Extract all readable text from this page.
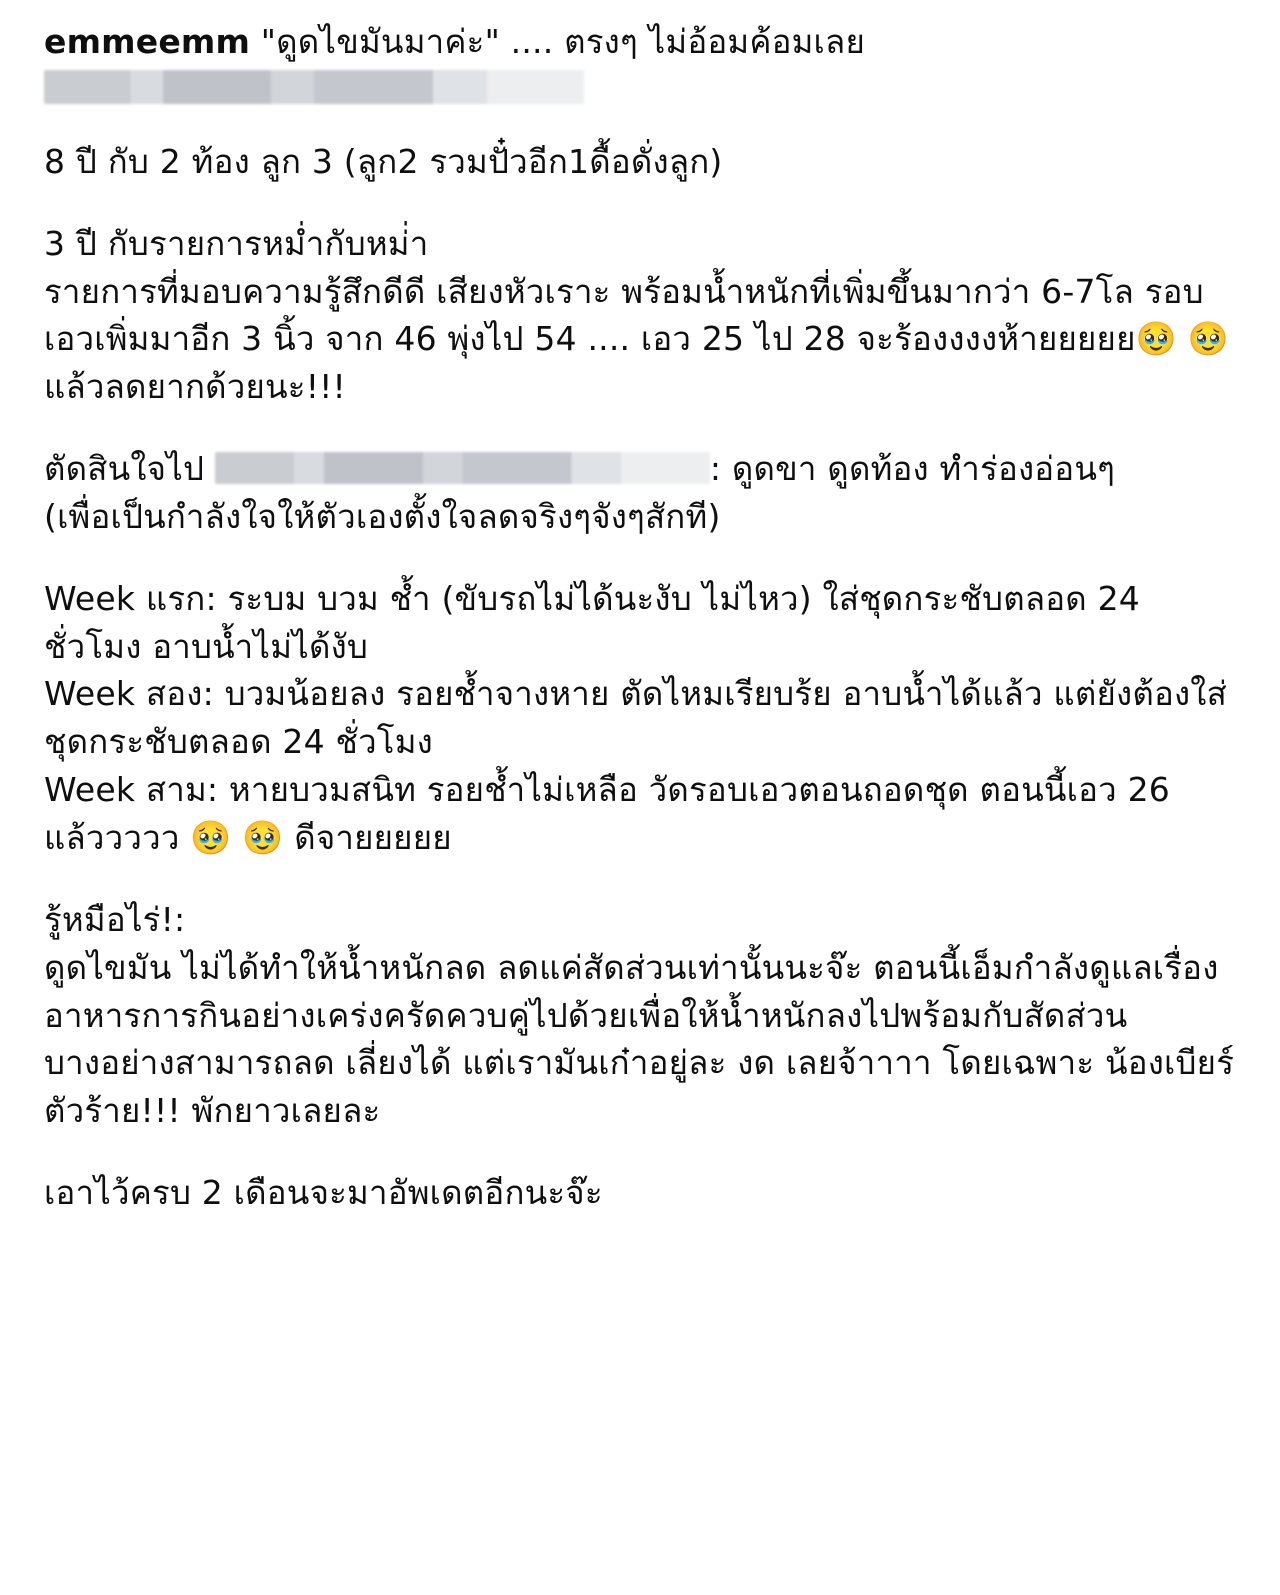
emmeemm "ดูดไขมันมาค่ะ" .... ตรงๆ ไม่อ้อมค้อมเลย
8 ปี กับ 2 ท้อง ลูก 3 (ลูก2 รวมปั๋วอีก1ดื้อดั่งลูก)
3 ปี กับรายการหม่ำกับหม่่า
รายการที่มอบความรู้สึกดีดี เสียงหัวเราะ พร้อมน้ำหนักที่เพิ่มขึ้นมากว่า 6-7โล รอบเอวเพิ่มมาอีก 3 นิ้ว จาก 46 พุ่งไป 54 .... เอว 25 ไป 28 จะร้องงงงห้ายยยยย🥹 🥹 แล้วลดยากด้วยนะ!!!
ตัดสินใจไป	: ดูดขา ดูดท้อง ทำร่องอ่อนๆ
(เพื่อเป็นกำลังใจให้ตัวเองตั้งใจลดจริงๆจังๆสักที)
Week แรก: ระบม บวม ช้ำ (ขับรถไม่ได้นะงับ ไม่ไหว) ใส่ชุดกระชับตลอด 24 ชั่วโมง อาบน้ำไม่ได้งับ
Week สอง: บวมน้อยลง รอยช้ำจางหาย ตัดไหมเรียบร้ย อาบน้ำได้แล้ว แต่ยังต้องใส่ชุดกระชับตลอด 24 ชั่วโมง
Week สาม: หายบวมสนิท รอยช้ำไม่เหลือ วัดรอบเอวตอนถอดชุด ตอนนี้เอว 26 แล้ววววว 🥹 🥹 ดีจายยยยย
รู้หมือไร่!:
ดูดไขมัน ไม่ได้ทำให้น้ำหนักลด ลดแค่สัดส่วนเท่านั้นนะจ๊ะ ตอนนี้เอ็มกำลังดูแลเรื่องอาหารการกินอย่างเคร่งครัดควบคู่ไปด้วยเพื่อให้น้ำหนักลงไปพร้อมกับสัดส่วน
บางอย่างสามารถลด เลี่ยงได้ แต่เรามันเก๋าอยู่ละ งด เลยจ้าาาา โดยเฉพาะ น้องเบียร์ ตัวร้าย!!! พักยาวเลยละ
เอาไว้ครบ 2 เดือนจะมาอัพเดตอีกนะจ๊ะ
